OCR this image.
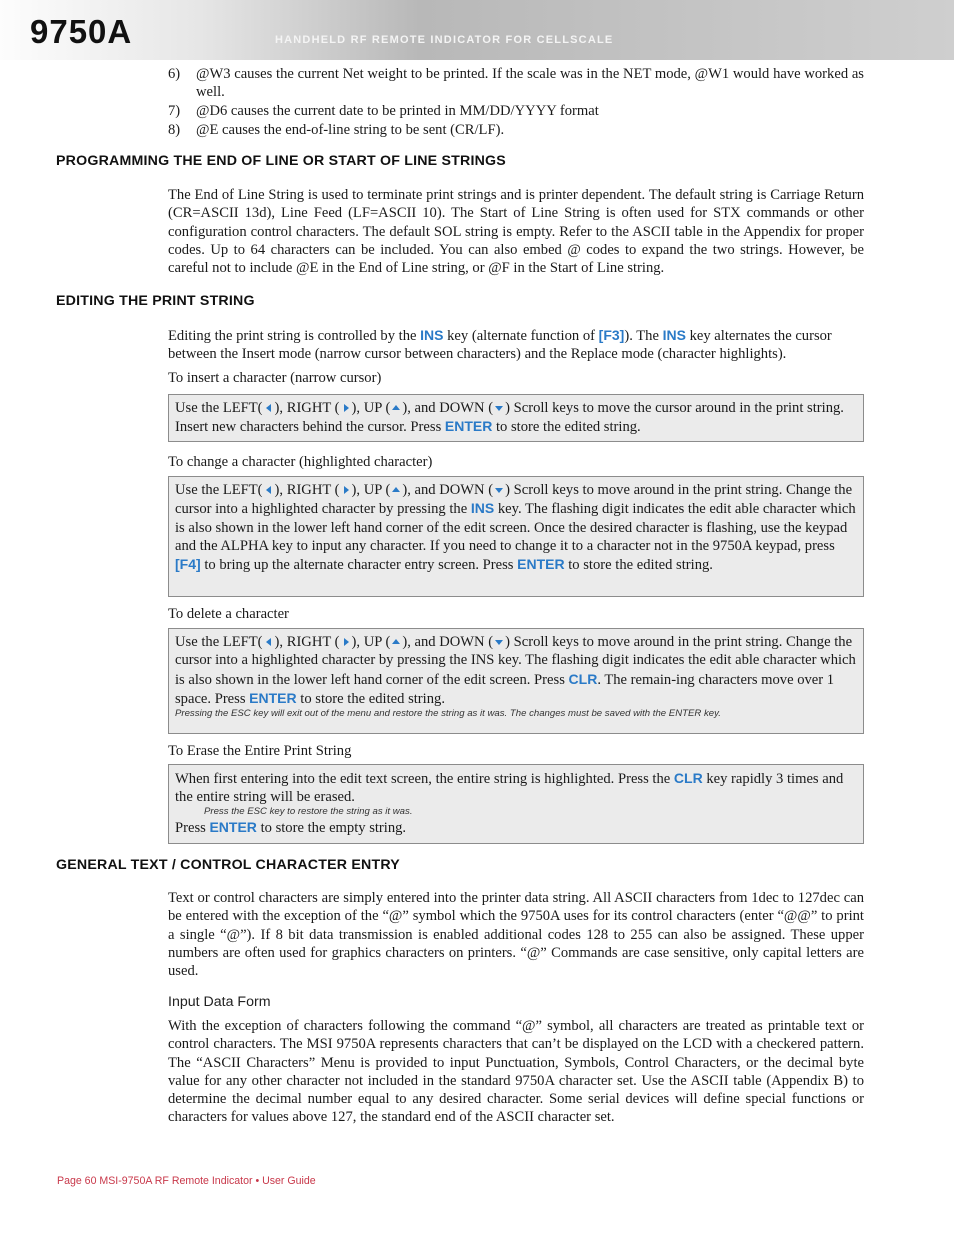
9750A	HANDHELD RF REMOTE INDICATOR FOR CELLSCALE
6) @W3 causes the current Net weight to be printed. If the scale was in the NET mode, @W1 would have worked as well.
7) @D6 causes the current date to be printed in MM/DD/YYYY format
8) @E causes the end-of-line string to be sent (CR/LF).
PROGRAMMING THE END OF LINE OR START OF LINE STRINGS

The End of Line String is used to terminate print strings and is printer dependent. The default string is Carriage Return (CR=ASCII 13d), Line Feed (LF=ASCII 10). The Start of Line String is often used for STX commands or other configuration control characters. The default SOL string is empty. Refer to the ASCII table in the Appendix for proper codes. Up to 64 characters can be included. You can also embed @ codes to expand the two strings. However, be careful not to include @E in the End of Line string, or @F in the Start of Line string.

EDITING THE PRINT STRING

Editing the print string is controlled by the INS key (alternate function of [F3]). The INS key alternates the cursor between the Insert mode (narrow cursor between characters) and the Replace mode (character highlights).

To insert a character (narrow cursor)

Use the LEFT( ), RIGHT ( ), UP ( ), and DOWN ( ) Scroll keys to move the cursor around in the print string. Insert new characters behind the cursor. Press ENTER to store the edited string.

To change a character (highlighted character)

Use the LEFT( ), RIGHT ( ), UP ( ), and DOWN ( ) Scroll keys to move around in the print string. Change the cursor into a highlighted character by pressing the INS key. The flashing digit indicates the edit able character which is also shown in the lower left hand corner of the edit screen. Once the desired character is flashing, use the keypad and the ALPHA key to input any character. If you need to change it to a character not in the 9750A keypad, press [F4] to bring up the alternate character entry screen. Press ENTER to store the edited string.

To delete a character

Use the LEFT( ), RIGHT ( ), UP ( ), and DOWN ( ) Scroll keys to move around in the print string. Change the cursor into a highlighted character by pressing the INS key. The flashing digit indicates the edit able character which is also shown in the lower left hand corner of the edit screen. Press CLR. The remain-ing characters move over 1 space. Press ENTER to store the edited string.
Pressing the ESC key will exit out of the menu and restore the string as it was. The changes must be saved with the ENTER key.

To Erase the Entire Print String

When first entering into the edit text screen, the entire string is highlighted. Press the CLR key rapidly 3 times and the entire string will be erased.
Press the ESC key to restore the string as it was.
Press ENTER to store the empty string.
GENERAL TEXT / CONTROL CHARACTER ENTRY

Text or control characters are simply entered into the printer data string. All ASCII characters from 1dec to 127dec can be entered with the exception of the “@” symbol which the 9750A uses for its control characters (enter “@@” to print a single “@”). If 8 bit data transmission is enabled additional codes 128 to 255 can also be assigned. These upper numbers are often used for graphics characters on printers. “@” Commands are case sensitive, only capital letters are used.

Input Data Form

With the exception of characters following the command “@” symbol, all characters are treated as printable text or control characters. The MSI 9750A represents characters that can’t be displayed on the LCD with a checkered pattern. The “ASCII Characters” Menu is provided to input Punctuation, Symbols, Control Characters, or the decimal byte value for any other character not included in the standard 9750A character set. Use the ASCII table (Appendix B) to determine the decimal number equal to any desired character. Some serial devices will define special functions or characters for values above 127, the standard end of the ASCII character set.

Page 60 MSI-9750A RF Remote Indicator • User Guide
